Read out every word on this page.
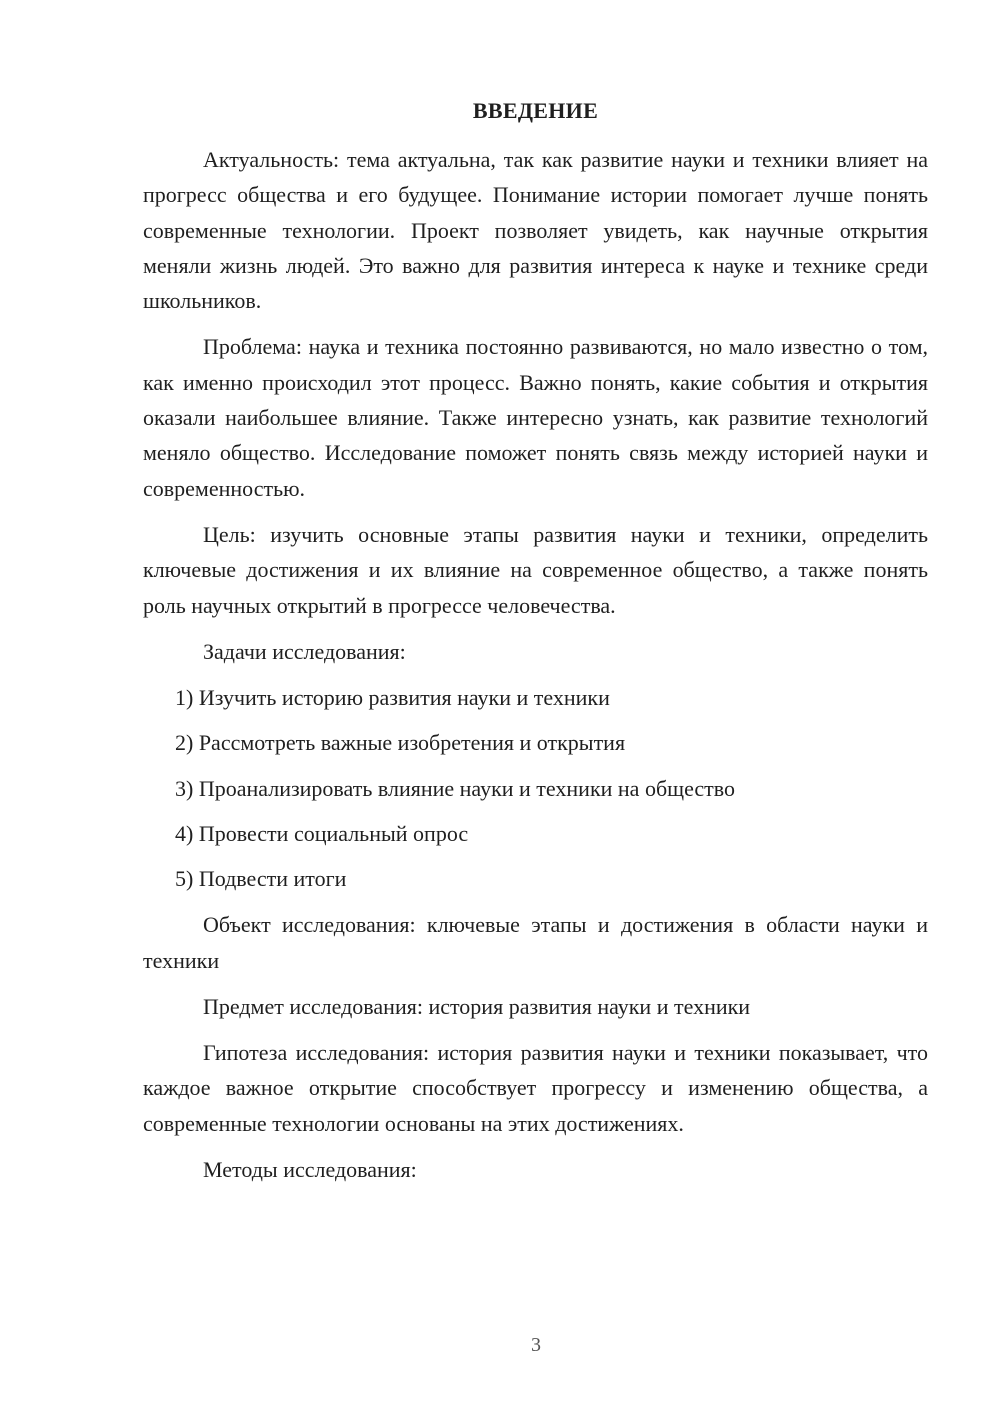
ВВЕДЕНИЕ

Актуальность: тема актуальна, так как развитие науки и техники влияет на прогресс общества и его будущее. Понимание истории помогает лучше понять современные технологии. Проект позволяет увидеть, как научные открытия меняли жизнь людей. Это важно для развития интереса к науке и технике среди школьников.

Проблема: наука и техника постоянно развиваются, но мало известно о том, как именно происходил этот процесс. Важно понять, какие события и открытия оказали наибольшее влияние. Также интересно узнать, как развитие технологий меняло общество. Исследование поможет понять связь между историей науки и современностью.

Цель: изучить основные этапы развития науки и техники, определить ключевые достижения и их влияние на современное общество, а также понять роль научных открытий в прогрессе человечества.

Задачи исследования:

1) Изучить историю развития науки и техники
2) Рассмотреть важные изобретения и открытия
3) Проанализировать влияние науки и техники на общество
4) Провести социальный опрос
5) Подвести итоги

Объект исследования: ключевые этапы и достижения в области науки и техники

Предмет исследования: история развития науки и техники

Гипотеза исследования: история развития науки и техники показывает, что каждое важное открытие способствует прогрессу и изменению общества, а современные технологии основаны на этих достижениях.

Методы исследования:

3
